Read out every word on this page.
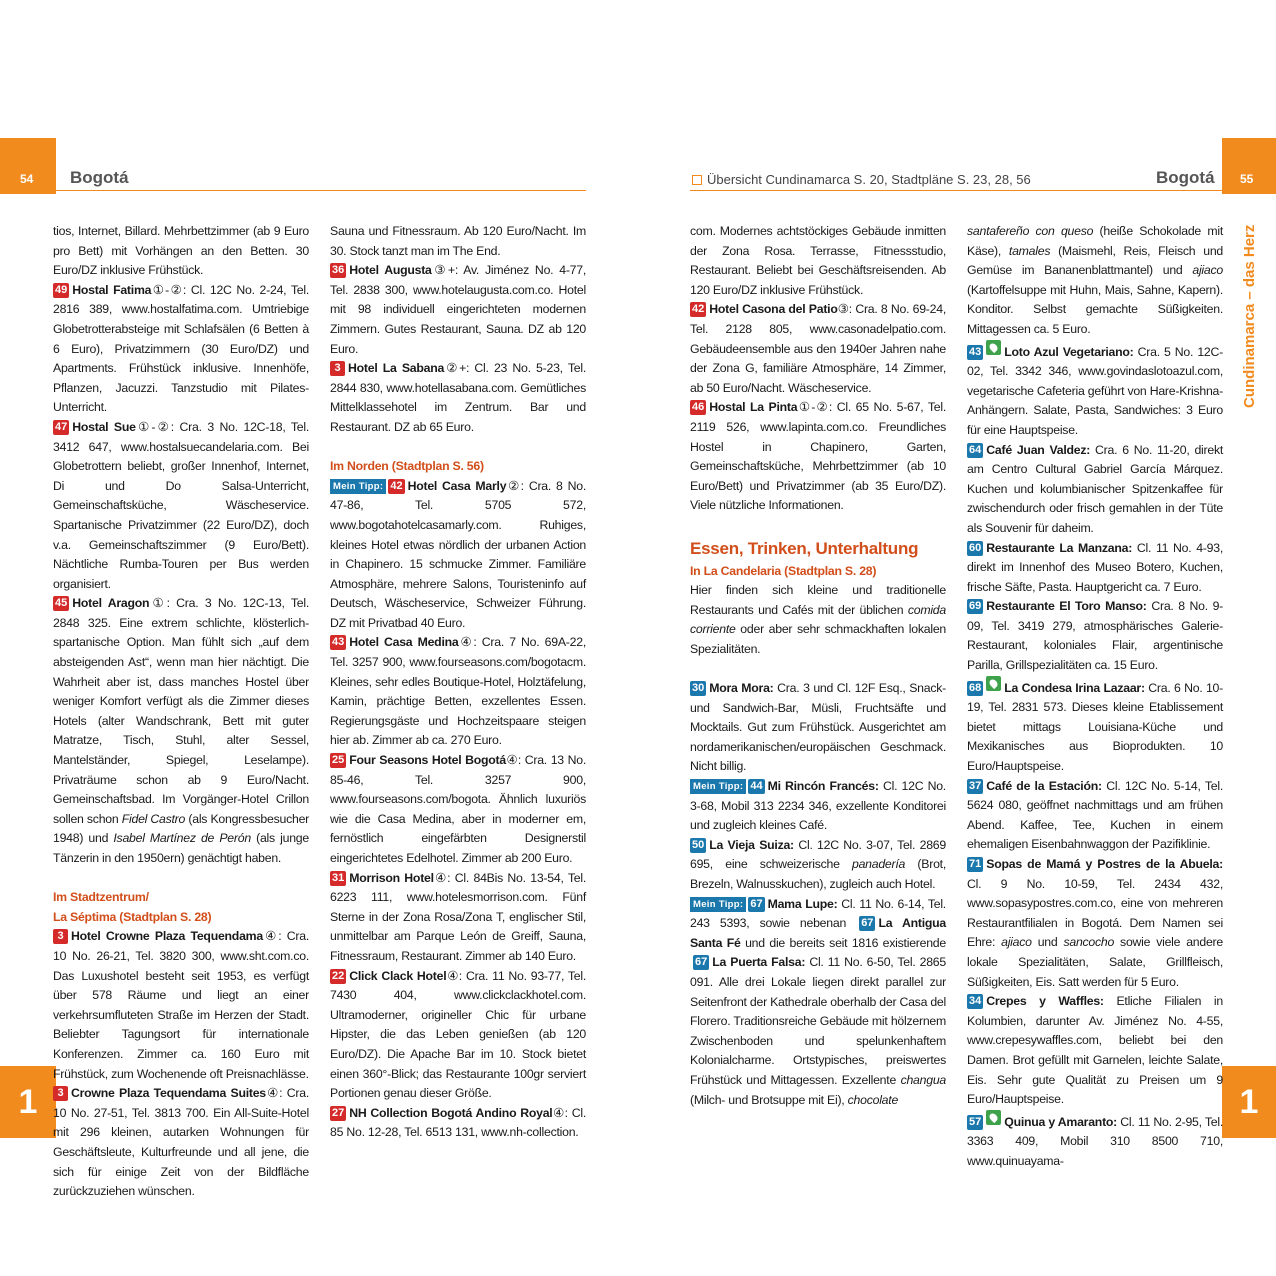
54 Bogotá
1
Übersicht Cundinamarca S. 20, Stadtpläne S. 23, 28, 56	Bogotá 55
Cundinamarca – das Herz
1

tios, Internet, Billard. Mehrbettzimmer (ab 9 Euro pro Bett) mit Vorhängen an den Betten. 30 Euro/DZ inklusive Frühstück.

49 Hostal Fatima①-②: Cl. 12C No. 2-24, Tel. 2816 389, www.hostalfatima.com. Umtriebige Globetrotterabsteige mit Schlafsälen (6 Betten à 6 Euro), Privatzimmern (30 Euro/DZ) und Apartments. Frühstück inklusive. Innenhöfe, Pflanzen, Jacuzzi. Tanzstudio mit Pilates-Unterricht.

47 Hostal Sue①-②: Cra. 3 No. 12C-18, Tel. 3412 647, www.hostalsuecandelaria.com. Bei Globetrottern beliebt, großer Innenhof, Internet, Di und Do Salsa-Unterricht, Gemeinschaftsküche, Wäscheservice. Spartanische Privatzimmer (22 Euro/DZ), doch v.a. Gemeinschaftszimmer (9 Euro/Bett). Nächtliche Rumba-Touren per Bus werden organisiert.

45 Hotel Aragon①: Cra. 3 No. 12C-13, Tel. 2848 325. Eine extrem schlichte, klösterlich-spartanische Option. Man fühlt sich „auf dem absteigenden Ast“, wenn man hier nächtigt. Die Wahrheit aber ist, dass manches Hostel über weniger Komfort verfügt als die Zimmer dieses Hotels (alter Wandschrank, Bett mit guter Matratze, Tisch, Stuhl, alter Sessel, Mantelständer, Spiegel, Leselampe). Privaträume schon ab 9 Euro/Nacht. Gemeinschaftsbad. Im Vorgänger-Hotel Crillon sollen schon Fidel Castro (als Kongressbesucher 1948) und Isabel Martínez de Perón (als junge Tänzerin in den 1950ern) genächtigt haben.

Im Stadtzentrum/

La Séptima (Stadtplan S. 28)

3 Hotel Crowne Plaza Tequendama④: Cra. 10 No. 26-21, Tel. 3820 300, www.sht.com.co. Das Luxushotel besteht seit 1953, es verfügt über 578 Räume und liegt an einer verkehrsumfluteten Straße im Herzen der Stadt. Beliebter Tagungsort für internationale Konferenzen. Zimmer ca. 160 Euro mit Frühstück, zum Wochenende oft Preisnachlässe.

3 Crowne Plaza Tequendama Suites④: Cra. 10 No. 27-51, Tel. 3813 700. Ein All-Suite-Hotel mit 296 kleinen, autarken Wohnungen für Geschäftsleute, Kulturfreunde und all jene, die sich für einige Zeit von der Bildfläche zurückzuziehen wünschen.

Sauna und Fitnessraum. Ab 120 Euro/Nacht. Im 30. Stock tanzt man im The End.

36 Hotel Augusta③+: Av. Jiménez No. 4-77, Tel. 2838 300, www.hotelaugusta.com.co. Hotel mit 98 individuell eingerichteten modernen Zimmern. Gutes Restaurant, Sauna. DZ ab 120 Euro.

3 Hotel La Sabana②+: Cl. 23 No. 5-23, Tel. 2844 830, www.hotellasabana.com. Gemütliches Mittelklassehotel im Zentrum. Bar und Restaurant. DZ ab 65 Euro.

Im Norden (Stadtplan S. 56)

Mein Tipp: 42 Hotel Casa Marly②: Cra. 8 No. 47-86, Tel. 5705 572, www.bogotahotelcasamarly.com. Ruhiges, kleines Hotel etwas nördlich der urbanen Action in Chapinero. 15 schmucke Zimmer. Familiäre Atmosphäre, mehrere Salons, Touristeninfo auf Deutsch, Wäscheservice, Schweizer Führung. DZ mit Privatbad 40 Euro.

43 Hotel Casa Medina④: Cra. 7 No. 69A-22, Tel. 3257 900, www.fourseasons.com/bogotacm. Kleines, sehr edles Boutique-Hotel, Holztäfelung, Kamin, prächtige Betten, exzellentes Essen. Regierungsgäste und Hochzeitspaare steigen hier ab. Zimmer ab ca. 270 Euro.

25 Four Seasons Hotel Bogotá④: Cra. 13 No. 85-46, Tel. 3257 900, www.fourseasons.com/bogota. Ähnlich luxuriös wie die Casa Medina, aber in moderner em, fernöstlich eingefärbten Designerstil eingerichtetes Edelhotel. Zimmer ab 200 Euro.

31 Morrison Hotel④: Cl. 84Bis No. 13-54, Tel. 6223 111, www.hotelesmorrison.com. Fünf Sterne in der Zona Rosa/Zona T, englischer Stil, unmittelbar am Parque León de Greiff, Sauna, Fitnessraum, Restaurant. Zimmer ab 140 Euro.

22 Click Clack Hotel④: Cra. 11 No. 93-77, Tel. 7430 404, www.clickclackhotel.com. Ultramoderner, origineller Chic für urbane Hipster, die das Leben genießen (ab 120 Euro/DZ). Die Apache Bar im 10. Stock bietet einen 360°-Blick; das Restaurante 100gr serviert Portionen genau dieser Größe.

27 NH Collection Bogotá Andino Royal④: Cl. 85 No. 12-28, Tel. 6513 131, www.nh-collection.

com. Modernes achtstöckiges Gebäude inmitten der Zona Rosa. Terrasse, Fitnessstudio, Restaurant. Beliebt bei Geschäftsreisenden. Ab 120 Euro/DZ inklusive Frühstück.

42 Hotel Casona del Patio③: Cra. 8 No. 69-24, Tel. 2128 805, www.casonadelpatio.com. Gebäudeensemble aus den 1940er Jahren nahe der Zona G, familiäre Atmosphäre, 14 Zimmer, ab 50 Euro/Nacht. Wäscheservice.

46 Hostal La Pinta①-②: Cl. 65 No. 5-67, Tel. 2119 526, www.lapinta.com.co. Freundliches Hostel in Chapinero, Garten, Gemeinschaftsküche, Mehrbettzimmer (ab 10 Euro/Bett) und Privatzimmer (ab 35 Euro/DZ). Viele nützliche Informationen.

Essen, Trinken, Unterhaltung

In La Candelaria (Stadtplan S. 28)

Hier finden sich kleine und traditionelle Restaurants und Cafés mit der üblichen comida corriente oder aber sehr schmackhaften lokalen Spezialitäten.

30 Mora Mora: Cra. 3 und Cl. 12F Esq., Snack- und Sandwich-Bar, Müsli, Fruchtsäfte und Mocktails. Gut zum Frühstück. Ausgerichtet am nordamerikanischen/europäischen Geschmack. Nicht billig.

Mein Tipp: 44 Mi Rincón Francés: Cl. 12C No. 3-68, Mobil 313 2234 346, exzellente Konditorei und zugleich kleines Café.

50 La Vieja Suiza: Cl. 12C No. 3-07, Tel. 2869 695, eine schweizerische panadería (Brot, Brezeln, Walnusskuchen), zugleich auch Hotel.

Mein Tipp: 67 Mama Lupe: Cl. 11 No. 6-14, Tel. 243 5393, sowie nebenan 67 La Antigua Santa Fé und die bereits seit 1816 existierende 67 La Puerta Falsa: Cl. 11 No. 6-50, Tel. 2865 091. Alle drei Lokale liegen direkt parallel zur Seitenfront der Kathedrale oberhalb der Casa del Florero. Traditionsreiche Gebäude mit hölzernem Zwischenboden und spelunkenhaftem Kolonialcharme. Ortstypisches, preiswertes Frühstück und Mittagessen. Exzellente changua (Milch- und Brotsuppe mit Ei), chocolate

santafereño con queso (heiße Schokolade mit Käse), tamales (Maismehl, Reis, Fleisch und Gemüse im Bananenblattmantel) und ajiaco (Kartoffelsuppe mit Huhn, Mais, Sahne, Kapern). Konditor. Selbst gemachte Süßigkeiten. Mittagessen ca. 5 Euro.

43 Loto Azul Vegetariano: Cra. 5 No. 12C-02, Tel. 3342 346, www.govindaslotoazul.com, vegetarische Cafeteria geführt von Hare-Krishna-Anhängern. Salate, Pasta, Sandwiches: 3 Euro für eine Hauptspeise.

64 Café Juan Valdez: Cra. 6 No. 11-20, direkt am Centro Cultural Gabriel García Márquez. Kuchen und kolumbianischer Spitzenkaffee für zwischendurch oder frisch gemahlen in der Tüte als Souvenir für daheim.

60 Restaurante La Manzana: Cl. 11 No. 4-93, direkt im Innenhof des Museo Botero, Kuchen, frische Säfte, Pasta. Hauptgericht ca. 7 Euro.

69 Restaurante El Toro Manso: Cra. 8 No. 9-09, Tel. 3419 279, atmosphärisches Galerie-Restaurant, koloniales Flair, argentinische Parilla, Grillspezialitäten ca. 15 Euro.

68 La Condesa Irina Lazaar: Cra. 6 No. 10-19, Tel. 2831 573. Dieses kleine Etablissement bietet mittags Louisiana-Küche und Mexikanisches aus Bioprodukten. 10 Euro/Hauptspeise.

37 Café de la Estación: Cl. 12C No. 5-14, Tel. 5624 080, geöffnet nachmittags und am frühen Abend. Kaffee, Tee, Kuchen in einem ehemaligen Eisenbahnwaggon der Pazifiklinie.

71 Sopas de Mamá y Postres de la Abuela: Cl. 9 No. 10-59, Tel. 2434 432, www.sopasypostres.com.co, eine von mehreren Restaurantfilialen in Bogotá. Dem Namen sei Ehre: ajiaco und sancocho sowie viele andere lokale Spezialitäten, Salate, Grillfleisch, Süßigkeiten, Eis. Satt werden für 5 Euro.

34 Crepes y Waffles: Etliche Filialen in Kolumbien, darunter Av. Jiménez No. 4-55, www.crepesywaffles.com, beliebt bei den Damen. Brot gefüllt mit Garnelen, leichte Salate, Eis. Sehr gute Qualität zu Preisen um 9 Euro/Hauptspeise.

57 Quinua y Amaranto: Cl. 11 No. 2-95, Tel. 3363 409, Mobil 310 8500 710, www.quinuayama-
